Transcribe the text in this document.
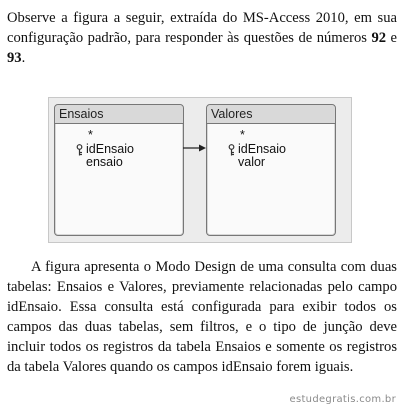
Observe a figura a seguir, extraída do MS-Access 2010, em sua configuração padrão, para responder às questões de números 92 e 93.
Ensaios
*
idEnsaio
ensaio
Valores
*
idEnsaio
valor

A figura apresenta o Modo Design de uma consulta com duas tabelas: Ensaios e Valores, previamente relacionadas pelo campo idEnsaio. Essa consulta está configurada para exibir todos os campos das duas tabelas, sem filtros, e o tipo de junção deve incluir todos os registros da tabela Ensaios e somente os registros da tabela Valores quando os campos idEnsaio forem iguais.

estudegratis.com.br
